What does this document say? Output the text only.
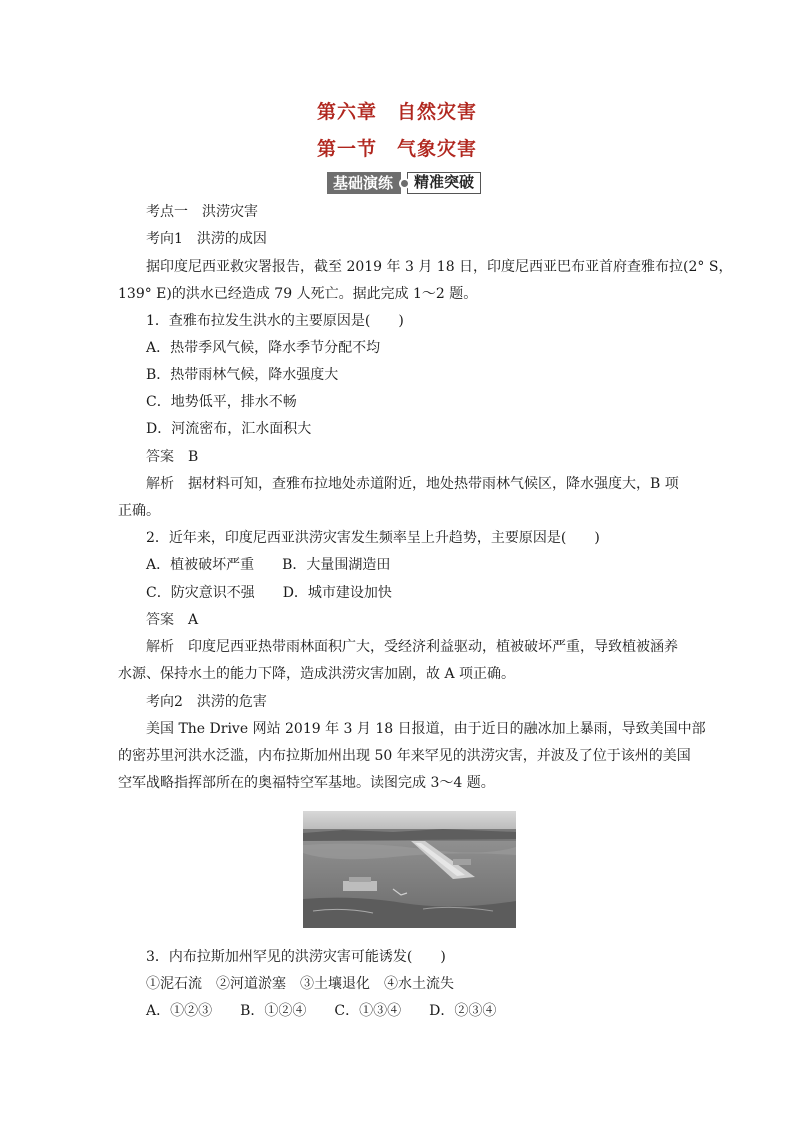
第六章　自然灾害
第一节　气象灾害
基础演练	精准突破
考点一　洪涝灾害
考向1　洪涝的成因
据印度尼西亚救灾署报告，截至 2019 年 3 月 18 日，印度尼西亚巴布亚首府查雅布拉(2° S，
139° E)的洪水已经造成 79 人死亡。据此完成 1～2 题。
1．查雅布拉发生洪水的主要原因是(　　)
A．热带季风气候，降水季节分配不均
B．热带雨林气候，降水强度大
C．地势低平，排水不畅
D．河流密布，汇水面积大
答案 B
解析 据材料可知，查雅布拉地处赤道附近，地处热带雨林气候区，降水强度大，B 项
正确。
2．近年来，印度尼西亚洪涝灾害发生频率呈上升趋势，主要原因是(　　)
A．植被破坏严重　　B．大量围湖造田
C．防灾意识不强　　D．城市建设加快
答案 A
解析 印度尼西亚热带雨林面积广大，受经济利益驱动，植被破坏严重，导致植被涵养
水源、保持水土的能力下降，造成洪涝灾害加剧，故 A 项正确。
考向2　洪涝的危害
美国 The Drive 网站 2019 年 3 月 18 日报道，由于近日的融冰加上暴雨，导致美国中部
的密苏里河洪水泛滥，内布拉斯加州出现 50 年来罕见的洪涝灾害，并波及了位于该州的美国
空军战略指挥部所在的奥福特空军基地。读图完成 3～4 题。
3．内布拉斯加州罕见的洪涝灾害可能诱发(　　)
①泥石流　②河道淤塞　③土壤退化　④水土流失
A．①②③　　B．①②④　　C．①③④　　D．②③④
